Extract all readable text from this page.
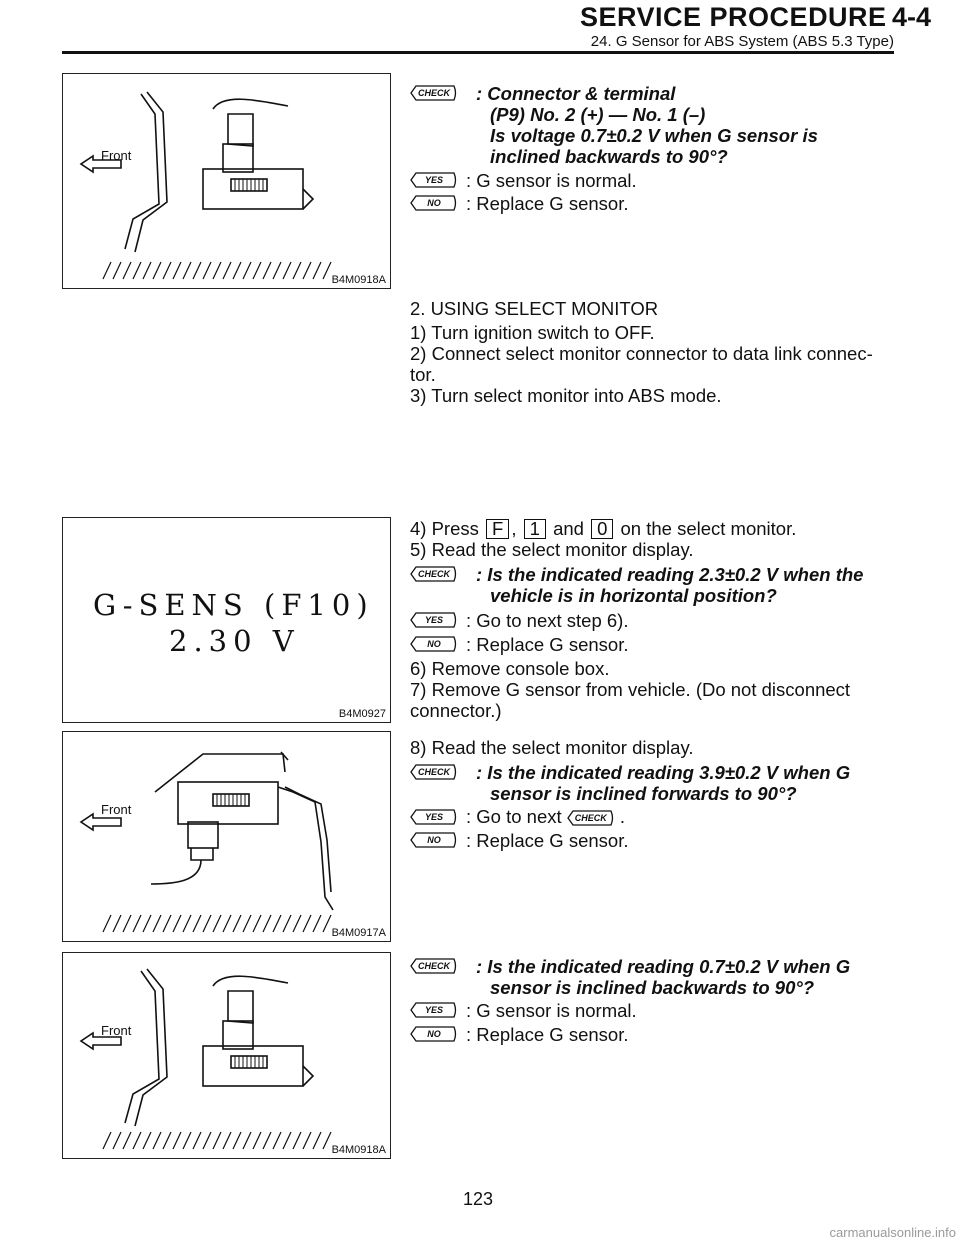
SERVICE PROCEDURE 4-4
24. G Sensor for ABS System (ABS 5.3 Type)
Front
B4M0918A
CHECK	: Connector & terminal
(P9) No. 2 (+) — No. 1 (–)
Is voltage 0.7±0.2 V when G sensor is
inclined backwards to 90°?
YES	: G sensor is normal.
NO	: Replace G sensor.
2. USING SELECT MONITOR
1) Turn ignition switch to OFF.
2) Connect select monitor connector to data link connec-
tor.
3) Turn select monitor into ABS mode.
G-SENS (F10)
2.30 V
B4M0927
4) Press F , 1 and 0 on the select monitor.
5) Read the select monitor display.
CHECK	: Is the indicated reading 2.3±0.2 V when the
vehicle is in horizontal position?
YES	: Go to next step 6).
NO	: Replace G sensor.
6) Remove console box.
7) Remove G sensor from vehicle. (Do not disconnect
connector.)
Front
B4M0917A
8) Read the select monitor display.
CHECK	: Is the indicated reading 3.9±0.2 V when G
sensor is inclined forwards to 90°?
YES	: Go to next CHECK .
NO	: Replace G sensor.
Front
B4M0918A
CHECK	: Is the indicated reading 0.7±0.2 V when G
sensor is inclined backwards to 90°?
YES	: G sensor is normal.
NO	: Replace G sensor.
123
carmanualsonline.info
